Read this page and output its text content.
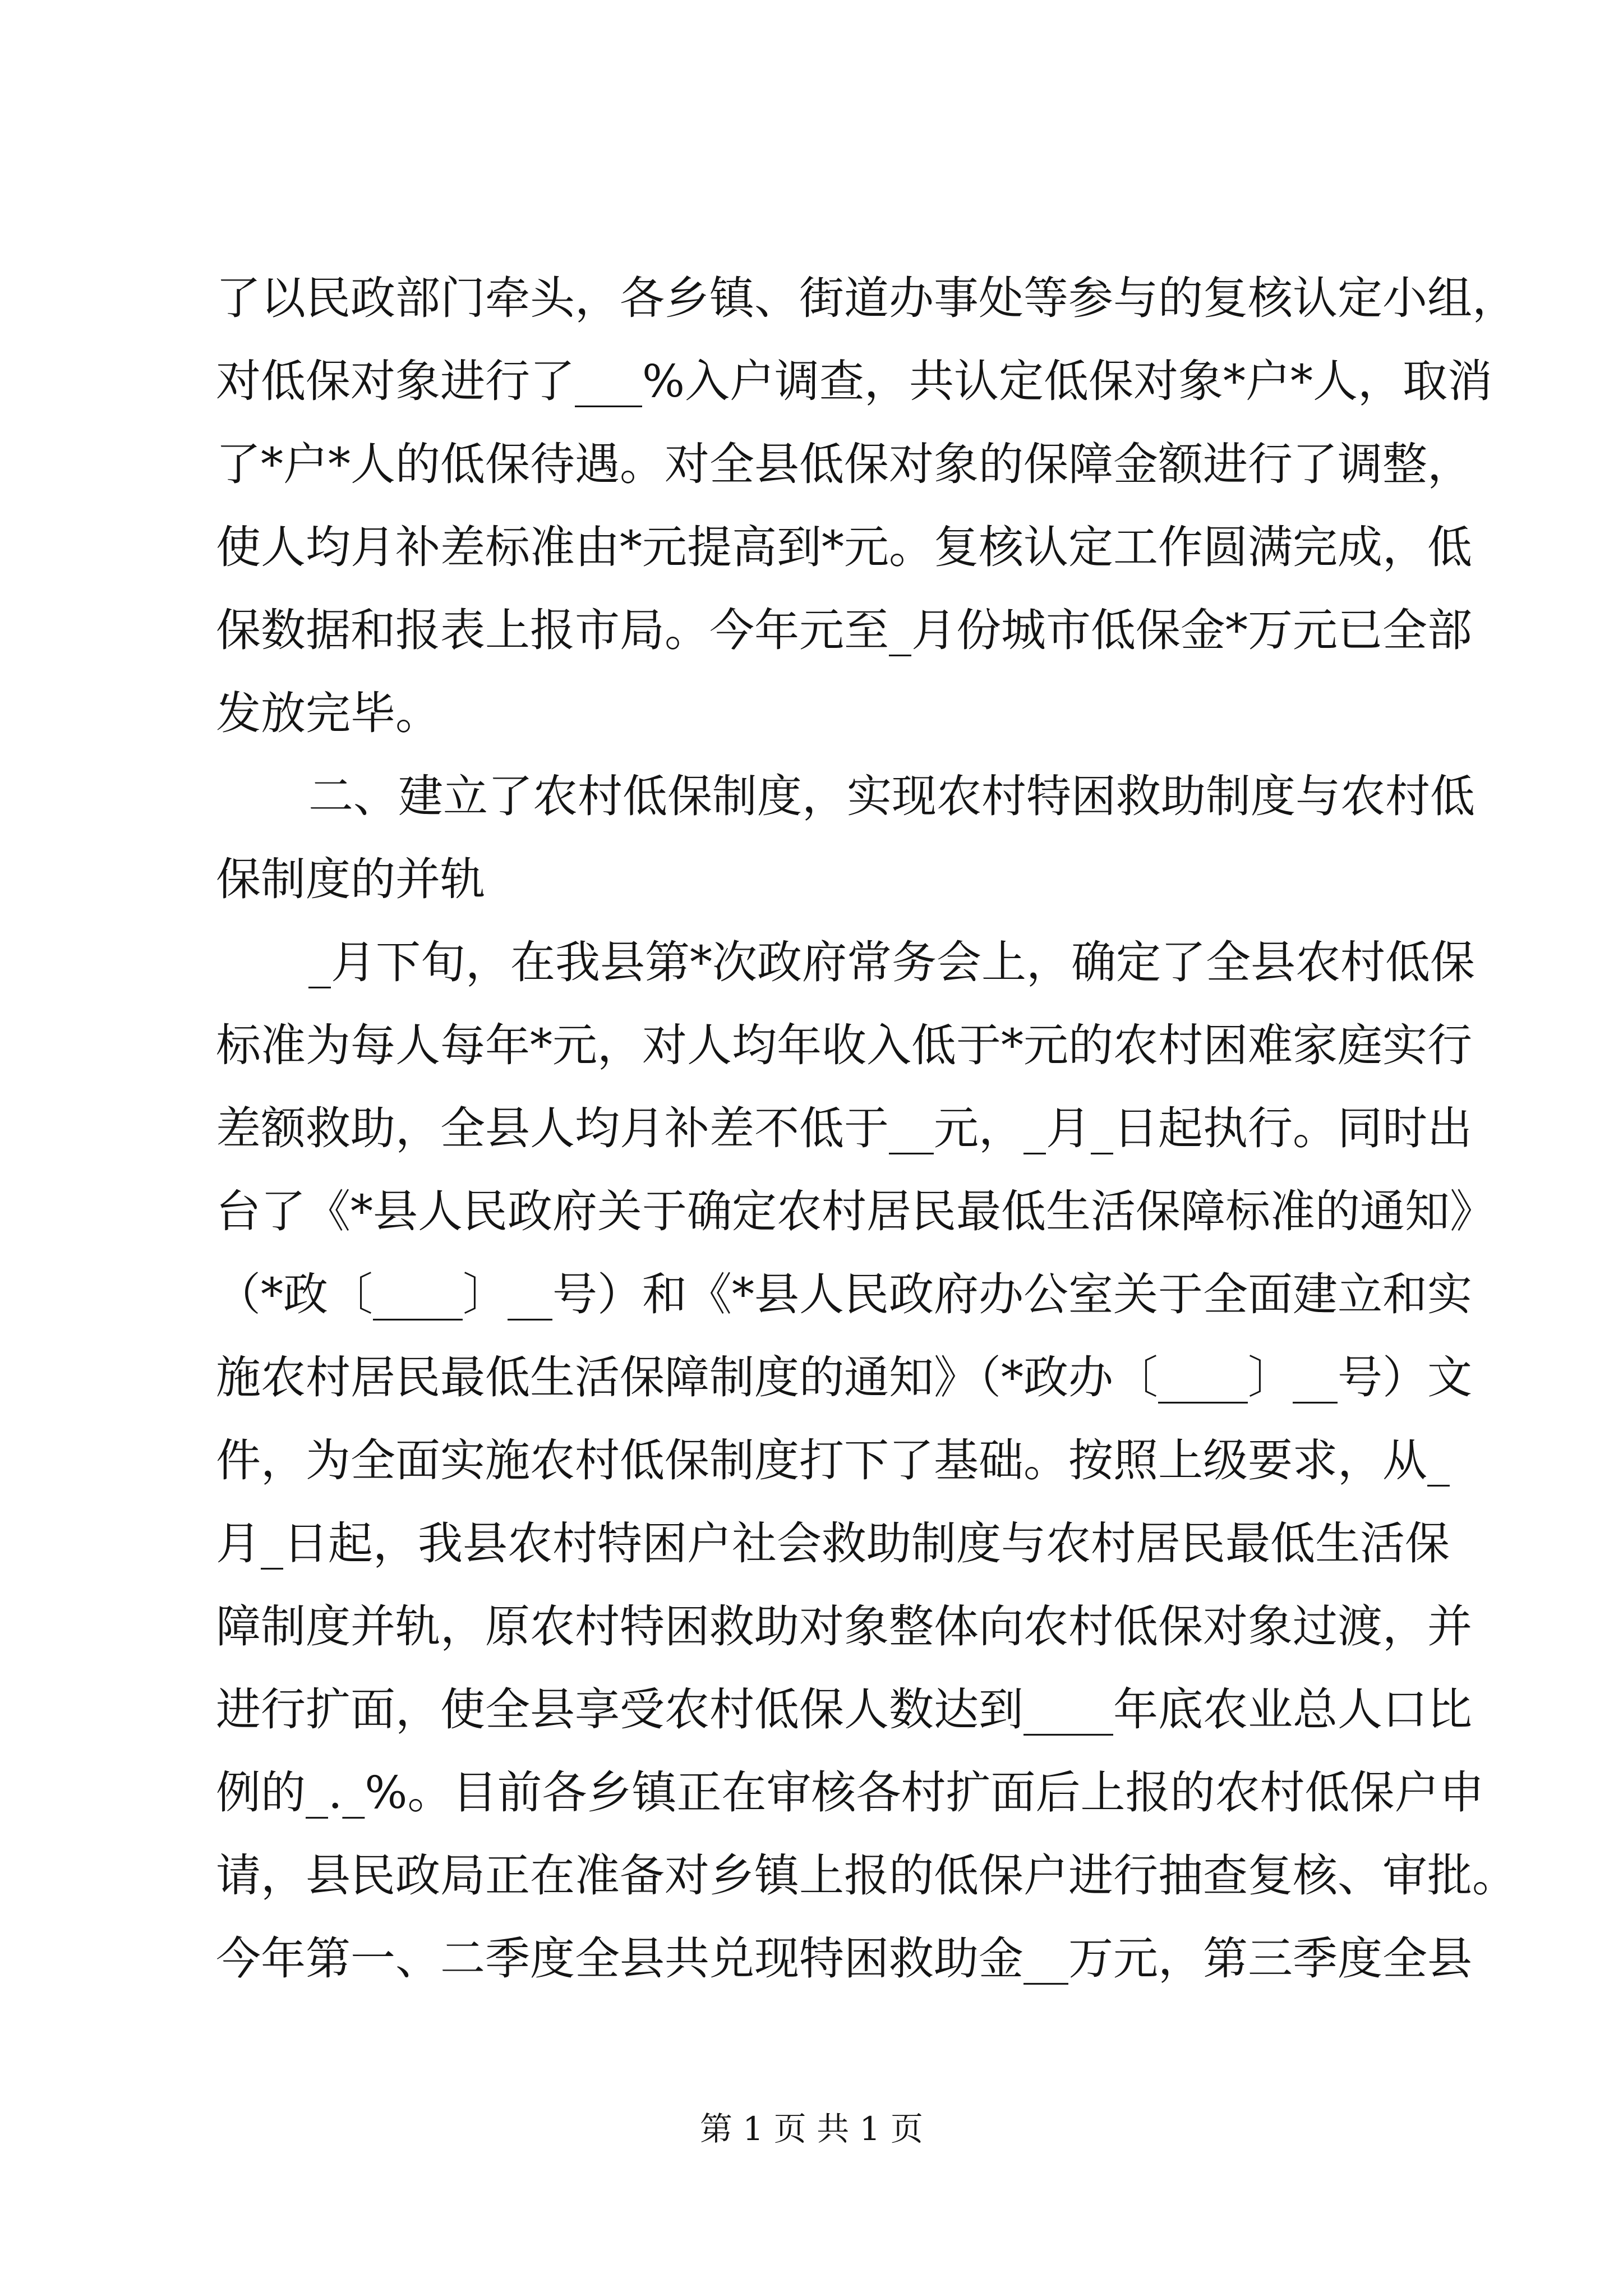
了以民政部门牵头，各乡镇、街道办事处等参与的复核认定小组，
对低保对象进行了___%入户调查，共认定低保对象*户*人，取消
了*户*人的低保待遇。对全县低保对象的保障金额进行了调整，
使人均月补差标准由*元提高到*元。复核认定工作圆满完成，低
保数据和报表上报市局。今年元至_月份城市低保金*万元已全部
发放完毕。
二、建立了农村低保制度，实现农村特困救助制度与农村低
保制度的并轨
_月下旬，在我县第*次政府常务会上，确定了全县农村低保
标准为每人每年*元，对人均年收入低于*元的农村困难家庭实行
差额救助，全县人均月补差不低于__元，_月_日起执行。同时出
台了《*县人民政府关于确定农村居民最低生活保障标准的通知》
（*政〔____〕__号）和《*县人民政府办公室关于全面建立和实
施农村居民最低生活保障制度的通知》（*政办〔____〕__号）文
件，为全面实施农村低保制度打下了基础。按照上级要求，从_
月_日起，我县农村特困户社会救助制度与农村居民最低生活保
障制度并轨，原农村特困救助对象整体向农村低保对象过渡，并
进行扩面，使全县享受农村低保人数达到____年底农业总人口比
例的_._%。目前各乡镇正在审核各村扩面后上报的农村低保户申
请，县民政局正在准备对乡镇上报的低保户进行抽查复核、审批。
今年第一、二季度全县共兑现特困救助金__万元，第三季度全县
第 1 页 共 1 页
